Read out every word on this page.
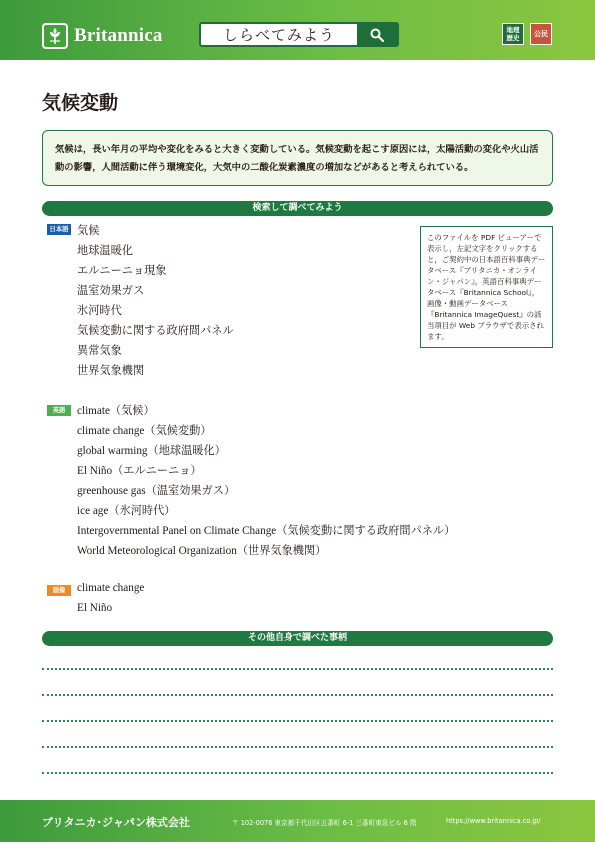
Britannica	しらべてみよう	地理
歴史	公民
気候変動
気候は，長い年月の平均や変化をみると大きく変動している。気候変動を起こす原因には，太陽活動の変化や火山活動の影響，人間活動に伴う環境変化，大気中の二酸化炭素濃度の増加などがあると考えられている。
検索して調べてみよう
日本語 気候
地球温暖化
エルニーニョ現象
温室効果ガス
氷河時代
気候変動に関する政府間パネル
異常気象
世界気象機関
このファイルを PDF ビューアーで表示し，左記文字をクリックすると，ご契約中の日本語百科事典データベース『ブリタニカ・オンライン・ジャパン』，英語百科事典データベース『Britannica School』，画像・動画データベース『Britannica ImageQuest』の該当項目が Web ブラウザで表示されます。
英語	climate（気候）
climate change（気候変動）
global warming（地球温暖化）
El Niño（エルニーニョ）
greenhouse gas（温室効果ガス）
ice age（氷河時代）
Intergovernmental Panel on Climate Change（気候変動に関する政府間パネル）
World Meteorological Organization（世界気象機関）
画像	climate change
El Niño
その他自身で調べた事柄
ブリタニカ･ジャパン株式会社	〒 102-0076 東京都千代田区五番町 6-1 三番町東急ビル 6 階	https://www.britannica.co.jp/
